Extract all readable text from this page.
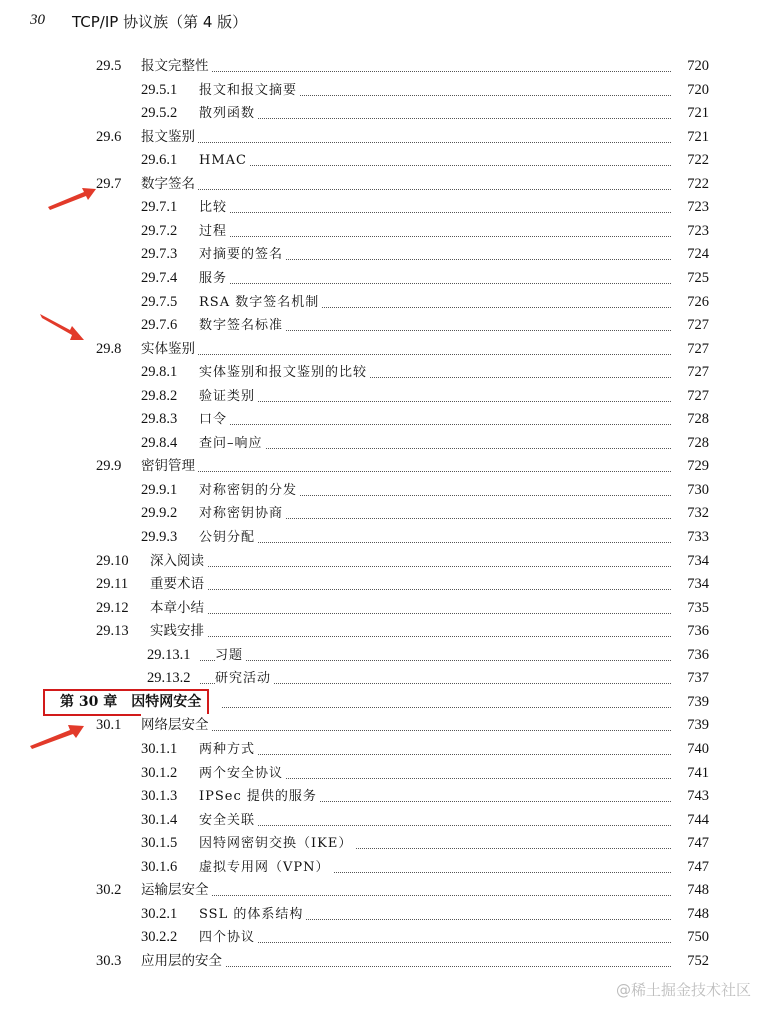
30 TCP/IP 协议族（第 4 版）
29.5 报文完整性	720
29.5.1 报文和报文摘要	720
29.5.2 散列函数	721
29.6 报文鉴别	721
29.6.1 HMAC	722
29.7 数字签名	722
29.7.1 比较	723
29.7.2 过程	723
29.7.3 对摘要的签名	724
29.7.4 服务	725
29.7.5 RSA 数字签名机制	726
29.7.6 数字签名标准	727
29.8 实体鉴别	727
29.8.1 实体鉴别和报文鉴别的比较	727
29.8.2 验证类别	727
29.8.3 口令	728
29.8.4 查问–响应	728
29.9 密钥管理	729
29.9.1 对称密钥的分发	730
29.9.2 对称密钥协商	732
29.9.3 公钥分配	733
29.10 深入阅读	734
29.11 重要术语	734
29.12 本章小结	735
29.13 实践安排	736
29.13.1 习题	736
29.13.2 研究活动	737
第 30 章  因特网安全	739
30.1 网络层安全	739
30.1.1 两种方式	740
30.1.2 两个安全协议	741
30.1.3 IPSec 提供的服务	743
30.1.4 安全关联	744
30.1.5 因特网密钥交换（IKE）	747
30.1.6 虚拟专用网（VPN）	747
30.2 运输层安全	748
30.2.1 SSL 的体系结构	748
30.2.2 四个协议	750
30.3 应用层的安全	752
@稀土掘金技术社区
